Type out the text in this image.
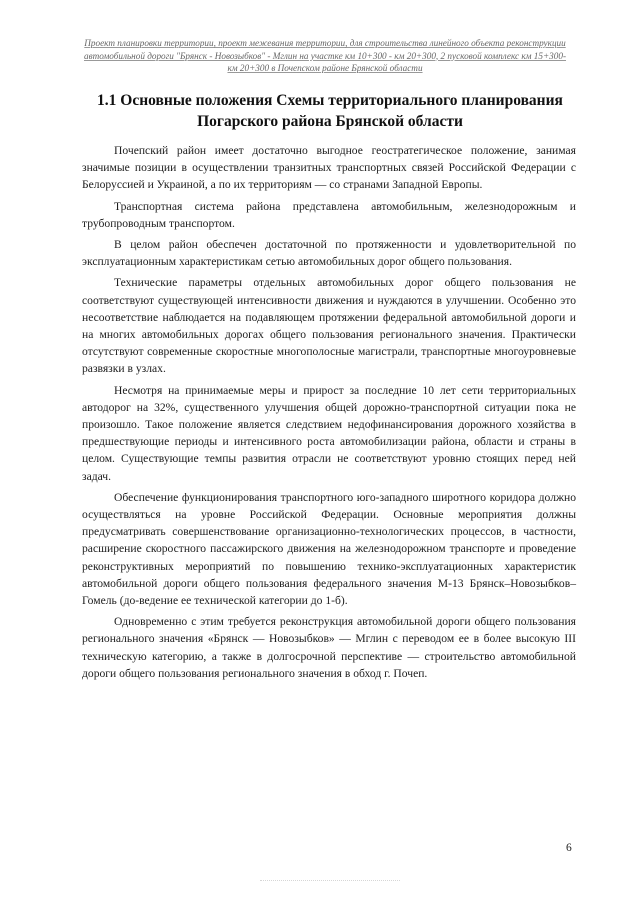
Проект планировки территории, проект межевания территории, для строительства линейного объекта реконструкции автомобильной дороги "Брянск - Новозыбков" - Мглин на участке км 10+300 - км 20+300, 2 пусковой комплекс км 15+300-км 20+300 в Почепском районе Брянской области
1.1 Основные положения Схемы территориального планирования Погарского района Брянской области

Почепский район имеет достаточно выгодное геостратегическое положение, занимая значимые позиции в осуществлении транзитных транспортных связей Российской Федерации с Белоруссией и Украиной, а по их территориям — со странами Западной Европы.

Транспортная система района представлена автомобильным, железнодорожным и трубопроводным транспортом.

В целом район обеспечен достаточной по протяженности и удовлетворительной по эксплуатационным характеристикам сетью автомобильных дорог общего пользования.

Технические параметры отдельных автомобильных дорог общего пользования не соответствуют существующей интенсивности движения и нуждаются в улучшении. Особенно это несоответствие наблюдается на подавляющем протяжении федеральной автомобильной дороги и на многих автомобильных дорогах общего пользования регионального значения. Практически отсутствуют современные скоростные многополосные магистрали, транспортные многоуровневые развязки в узлах.

Несмотря на принимаемые меры и прирост за последние 10 лет сети территориальных автодорог на 32%, существенного улучшения общей дорожно-транспортной ситуации пока не произошло. Такое положение является следствием недофинансирования дорожного хозяйства в предшествующие периоды и интенсивного роста автомобилизации района, области и страны в целом. Существующие темпы развития отрасли не соответствуют уровню стоящих перед ней задач.

Обеспечение функционирования транспортного юго-западного широтного коридора должно осуществляться на уровне Российской Федерации. Основные мероприятия должны предусматривать совершенствование организационно-технологических процессов, в частности, расширение скоростного пассажирского движения на железнодорожном транспорте и проведение реконструктивных мероприятий по повышению технико-эксплуатационных характеристик автомобильной дороги общего пользования федерального значения М-13 Брянск–Новозыбков–Гомель (до-ведение ее технической категории до 1-б).

Одновременно с этим требуется реконструкция автомобильной дороги общего пользования регионального значения «Брянск — Новозыбков» — Мглин с переводом ее в более высокую III техническую категорию, а также в долгосрочной перспективе — строительство автомобильной дороги общего пользования регионального значения в обход г. Почеп.

6
